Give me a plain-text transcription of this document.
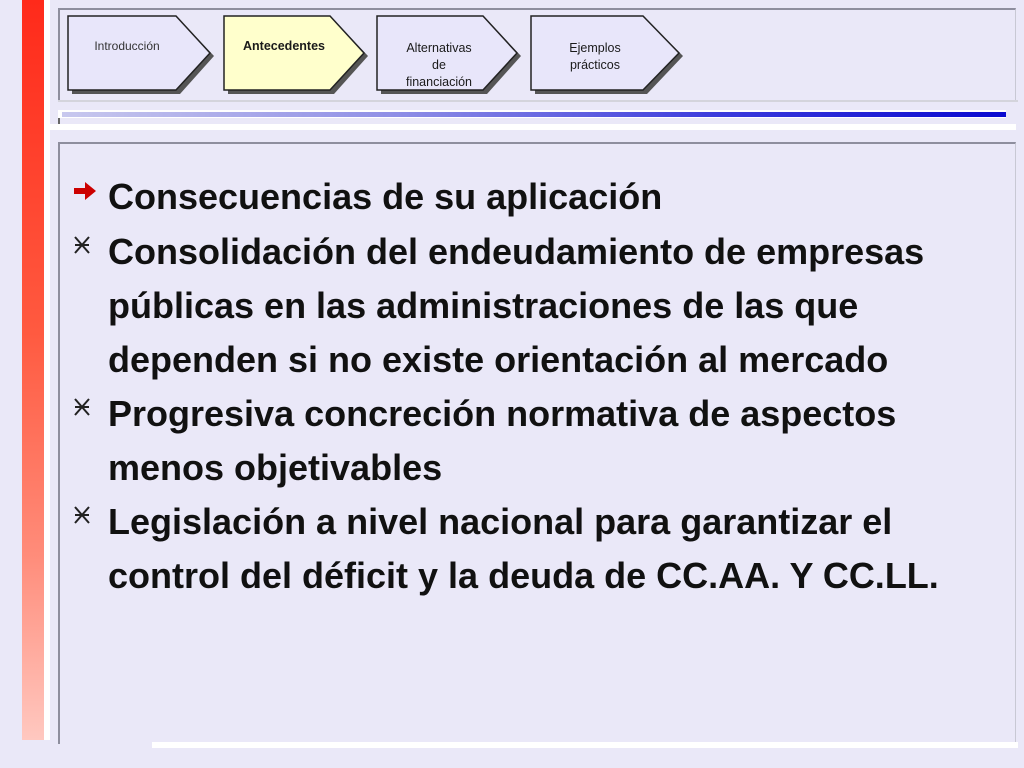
Introducción	Antecedentes	Alternativas
de
financiación
Ejemplos
prácticos
Consecuencias de su aplicación
Consolidación del endeudamiento de empresas públicas en las administraciones de las que dependen si no existe orientación al mercado
Progresiva concreción normativa de aspectos menos objetivables
Legislación a nivel nacional para garantizar el control del déficit y la deuda de CC.AA. Y CC.LL.
